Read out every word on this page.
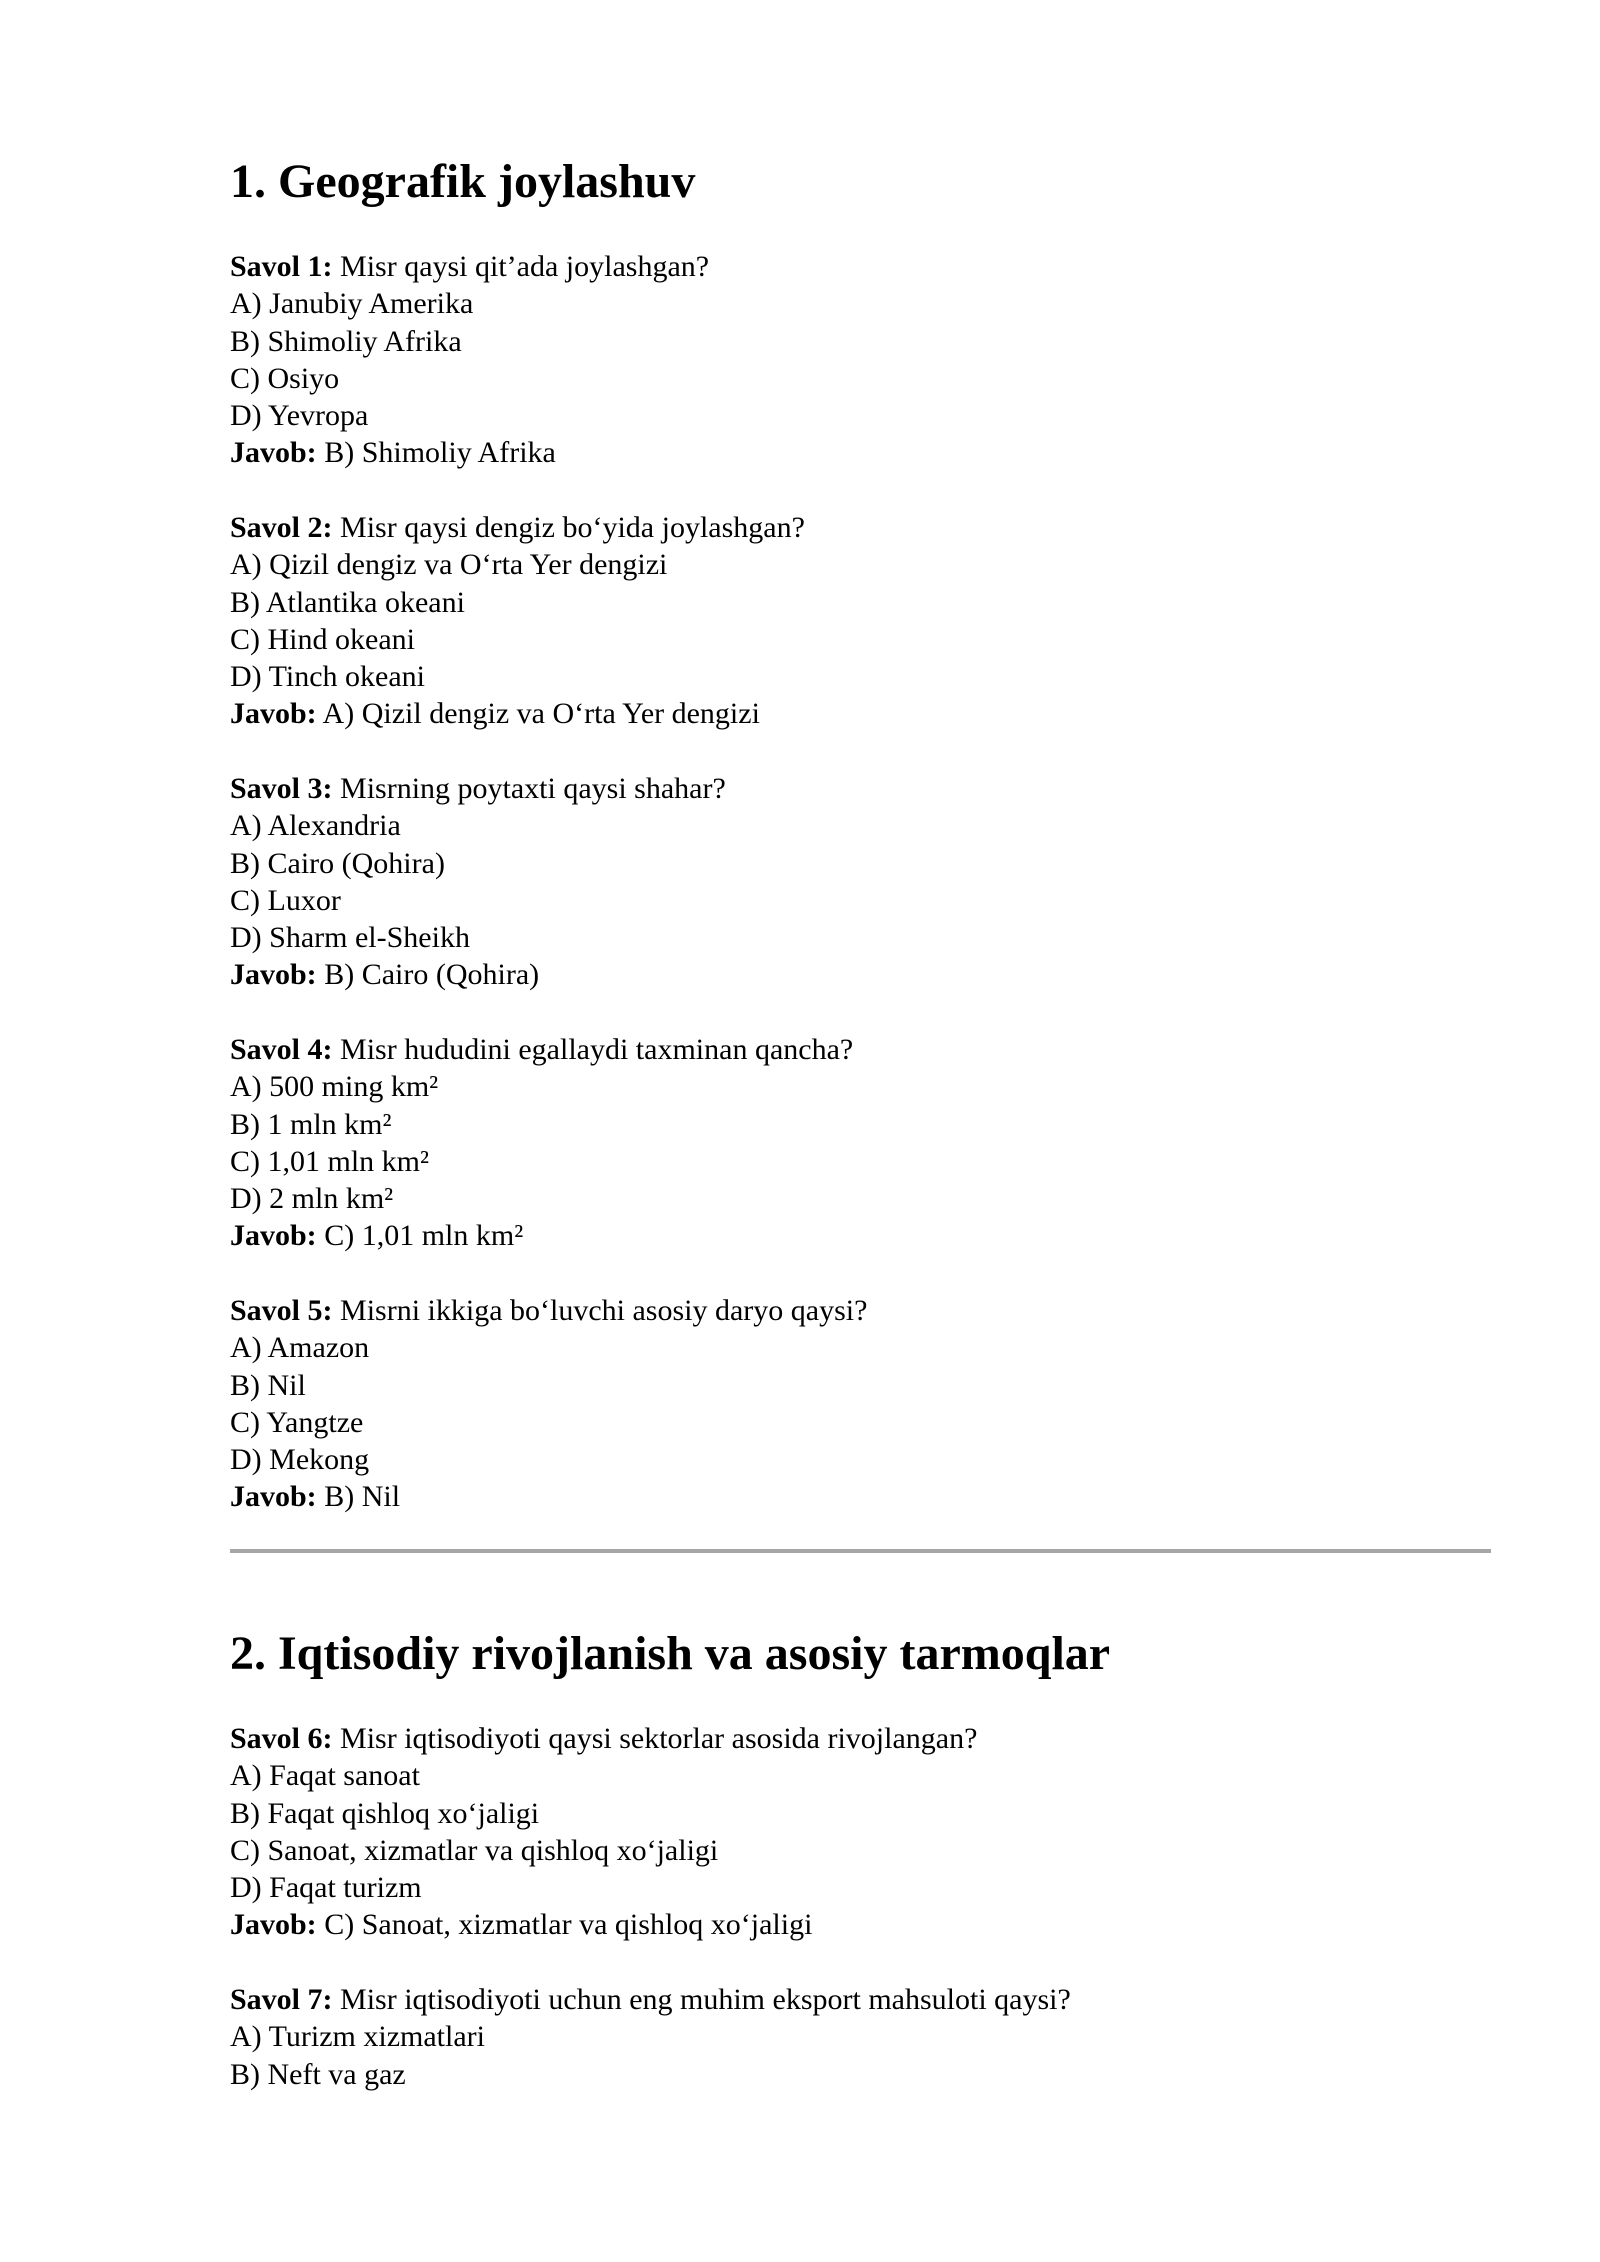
1. Geografik joylashuv
Savol 1: Misr qaysi qit’ada joylashgan?
A) Janubiy Amerika
B) Shimoliy Afrika
C) Osiyo
D) Yevropa
Javob: B) Shimoliy Afrika
Savol 2: Misr qaysi dengiz bo‘yida joylashgan?
A) Qizil dengiz va O‘rta Yer dengizi
B) Atlantika okeani
C) Hind okeani
D) Tinch okeani
Javob: A) Qizil dengiz va O‘rta Yer dengizi
Savol 3: Misrning poytaxti qaysi shahar?
A) Alexandria
B) Cairo (Qohira)
C) Luxor
D) Sharm el-Sheikh
Javob: B) Cairo (Qohira)
Savol 4: Misr hududini egallaydi taxminan qancha?
A) 500 ming km²
B) 1 mln km²
C) 1,01 mln km²
D) 2 mln km²
Javob: C) 1,01 mln km²
Savol 5: Misrni ikkiga bo‘luvchi asosiy daryo qaysi?
A) Amazon
B) Nil
C) Yangtze
D) Mekong
Javob: B) Nil
2. Iqtisodiy rivojlanish va asosiy tarmoqlar
Savol 6: Misr iqtisodiyoti qaysi sektorlar asosida rivojlangan?
A) Faqat sanoat
B) Faqat qishloq xo‘jaligi
C) Sanoat, xizmatlar va qishloq xo‘jaligi
D) Faqat turizm
Javob: C) Sanoat, xizmatlar va qishloq xo‘jaligi
Savol 7: Misr iqtisodiyoti uchun eng muhim eksport mahsuloti qaysi?
A) Turizm xizmatlari
B) Neft va gaz
